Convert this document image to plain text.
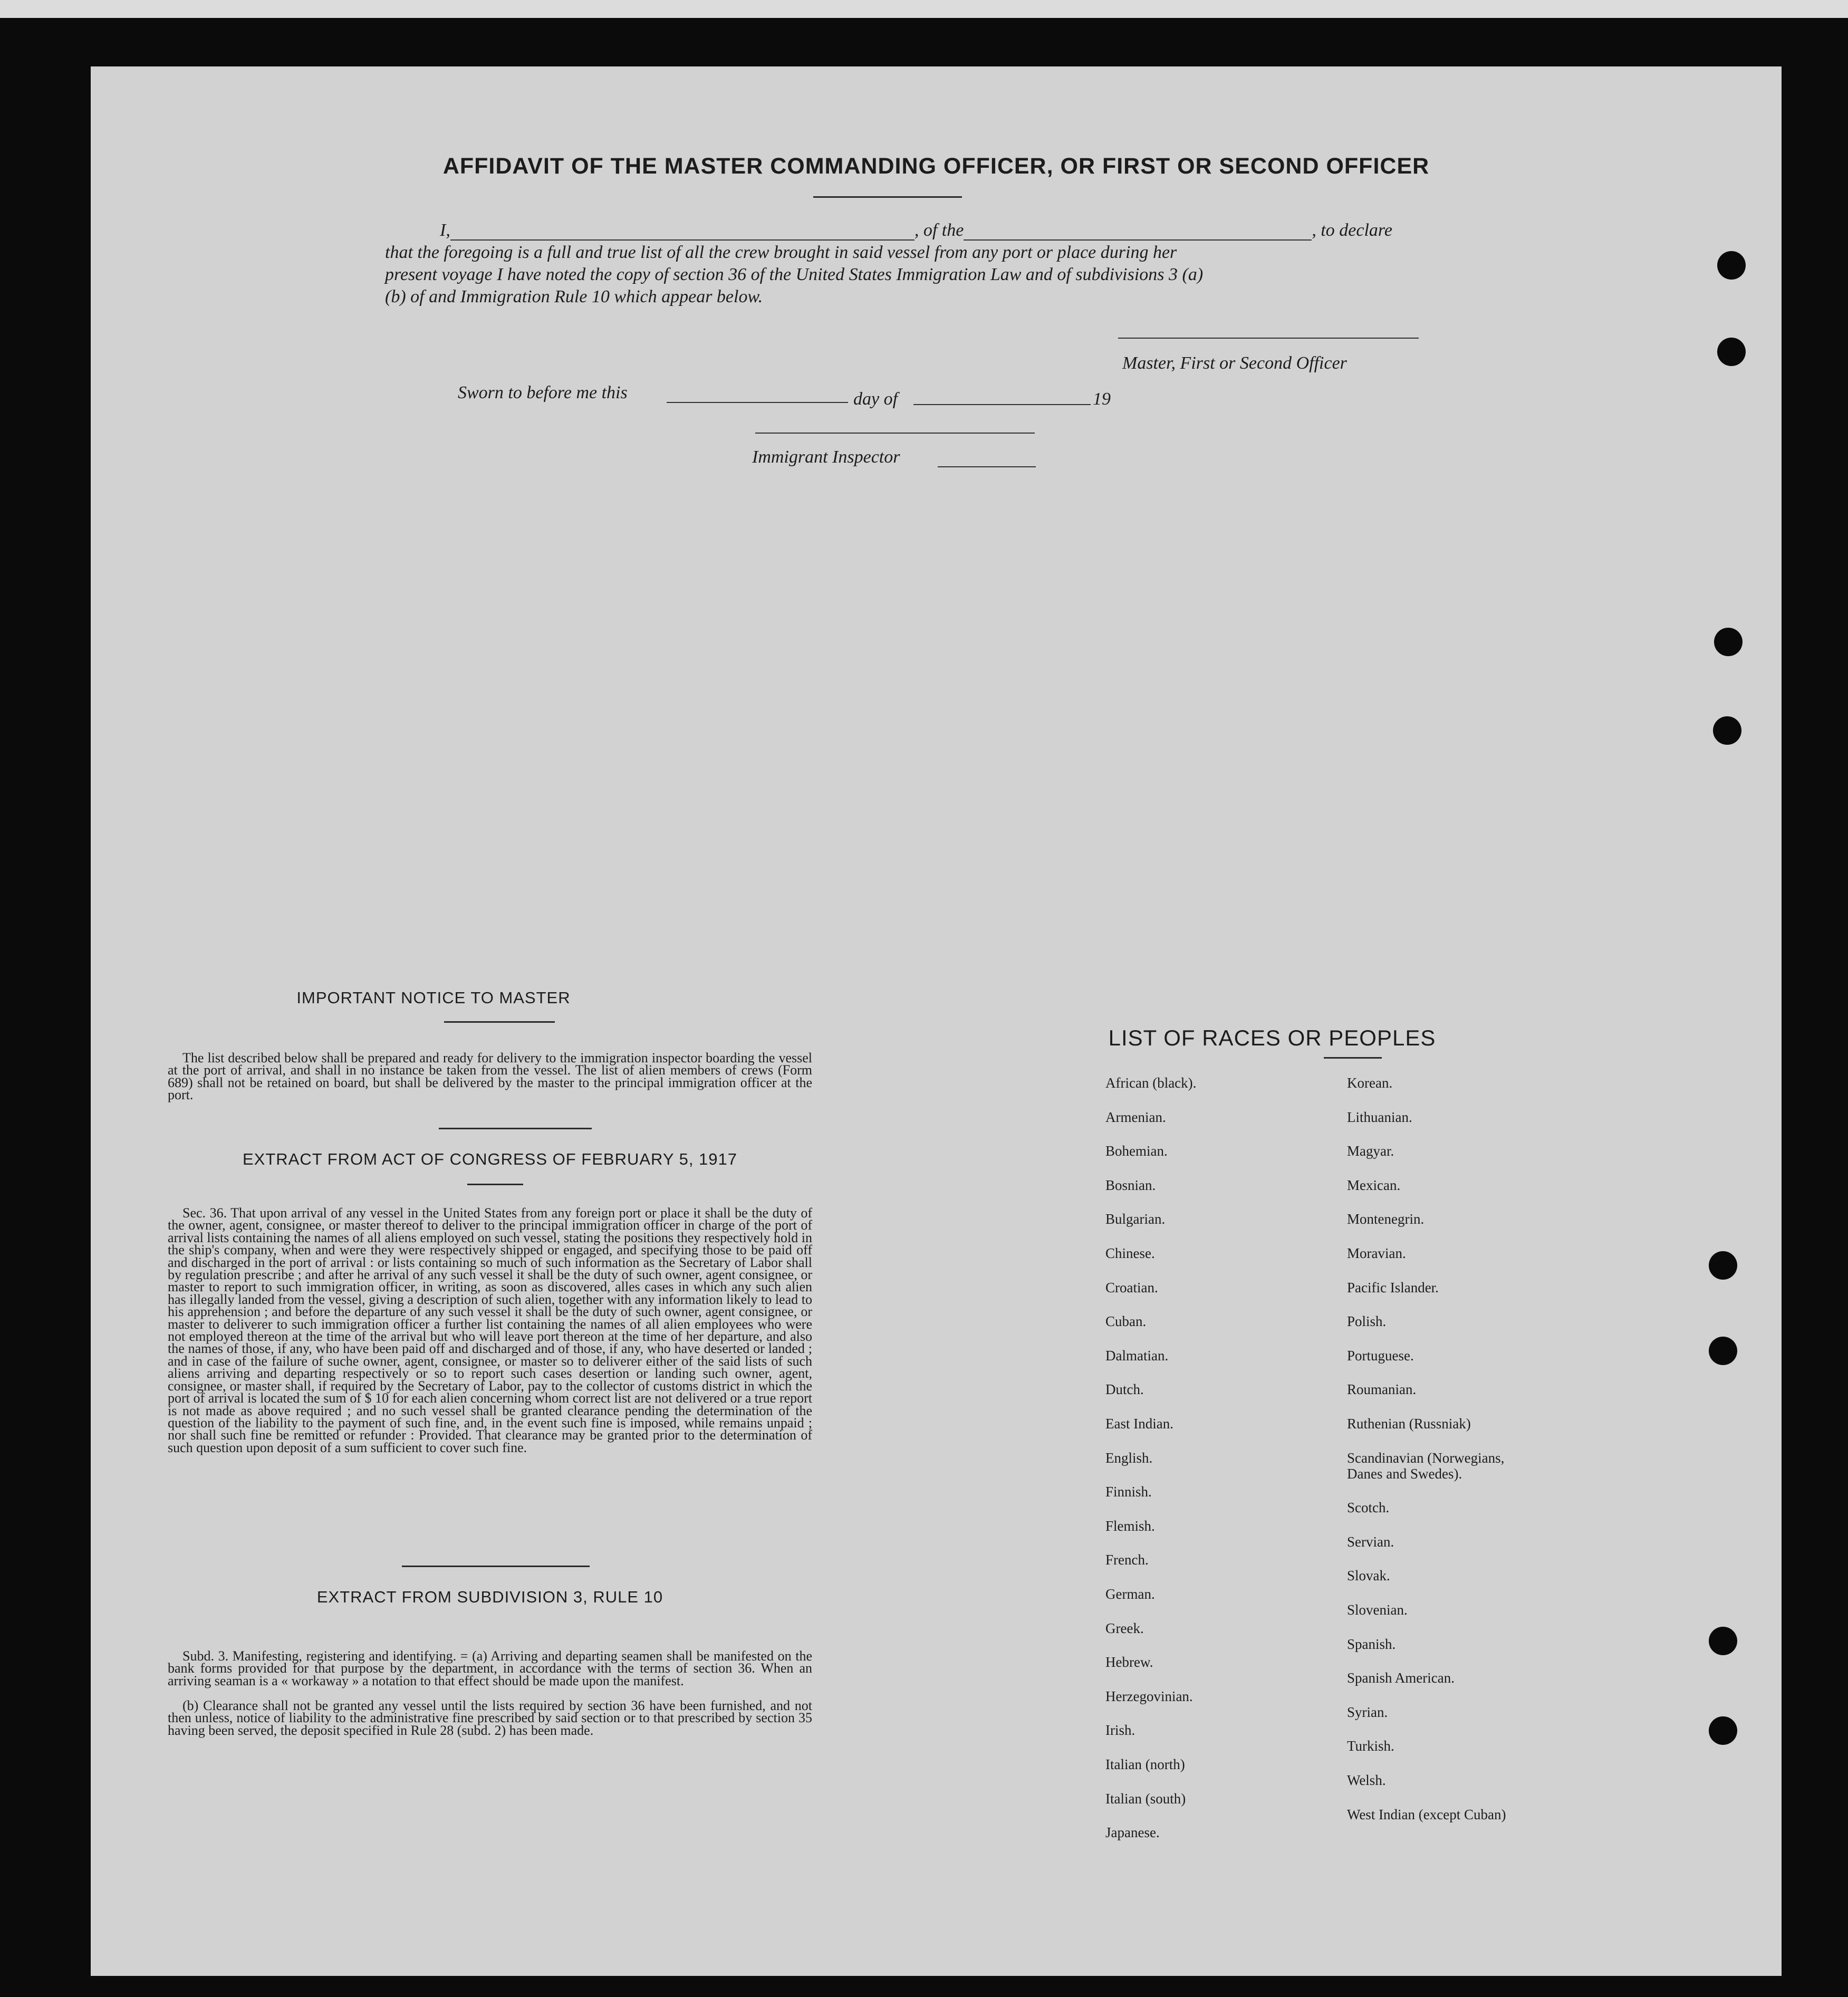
AFFIDAVIT OF THE MASTER COMMANDING OFFICER, OR FIRST OR SECOND OFFICER
I,	, of the	, to declare
that the foregoing is a full and true list of all the crew brought in said vessel from any port or place during her
present voyage I have noted the copy of section 36 of the United States Immigration Law and of subdivisions 3 (a)
(b) of and Immigration Rule 10 which appear below.
Master, First or Second Officer
Sworn to before me this	day of	19
Immigrant Inspector
IMPORTANT NOTICE TO MASTER

The list described below shall be prepared and ready for delivery to the immigration inspector boarding the vessel at the port of arrival, and shall in no instance be taken from the vessel. The list of alien members of crews (Form 689) shall not be retained on board, but shall be delivered by the master to the principal immigration officer at the port.

EXTRACT FROM ACT OF CONGRESS OF FEBRUARY 5, 1917

Sec. 36. That upon arrival of any vessel in the United States from any foreign port or place it shall be the duty of the owner, agent, consignee, or master thereof to deliver to the principal immigration officer in charge of the port of arrival lists containing the names of all aliens employed on such vessel, stating the positions they respectively hold in the ship's company, when and were they were respectively shipped or engaged, and specifying those to be paid off and discharged in the port of arrival : or lists containing so much of such information as the Secretary of Labor shall by regulation prescribe ; and after he arrival of any such vessel it shall be the duty of such owner, agent consignee, or master to report to such immigration officer, in writing, as soon as discovered, alles cases in which any such alien has illegally landed from the vessel, giving a description of such alien, together with any information likely to lead to his apprehension ; and before the departure of any such vessel it shall be the duty of such owner, agent consignee, or master to deliverer to such immigration officer a further list containing the names of all alien employees who were not employed thereon at the time of the arrival but who will leave port thereon at the time of her departure, and also the names of those, if any, who have been paid off and discharged and of those, if any, who have deserted or landed ; and in case of the failure of suche owner, agent, consignee, or master so to deliverer either of the said lists of such aliens arriving and departing respectively or so to report such cases desertion or landing such owner, agent, consignee, or master shall, if required by the Secretary of Labor, pay to the collector of customs district in which the port of arrival is located the sum of $ 10 for each alien concerning whom correct list are not delivered or a true report is not made as above required ; and no such vessel shall be granted clearance pending the determination of the question of the liability to the payment of such fine, and, in the event such fine is imposed, while remains unpaid ; nor shall such fine be remitted or refunder : Provided. That clearance may be granted prior to the determination of such question upon deposit of a sum sufficient to cover such fine.

EXTRACT FROM SUBDIVISION 3, RULE 10

Subd. 3. Manifesting, registering and identifying. = (a) Arriving and departing seamen shall be manifested on the bank forms provided for that purpose by the department, in accordance with the terms of section 36. When an arriving seaman is a « workaway » a notation to that effect should be made upon the manifest.

(b) Clearance shall not be granted any vessel until the lists required by section 36 have been furnished, and not then unless, notice of liability to the administrative fine prescribed by said section or to that prescribed by section 35 having been served, the deposit specified in Rule 28 (subd. 2) has been made.

LIST OF RACES OR PEOPLES
African (black).
Armenian.
Bohemian.
Bosnian.
Bulgarian.
Chinese.
Croatian.
Cuban.
Dalmatian.
Dutch.
East Indian.
English.
Finnish.
Flemish.
French.
German.
Greek.
Hebrew.
Herzegovinian.
Irish.
Italian (north)
Italian (south)
Japanese.
Korean.
Lithuanian.
Magyar.
Mexican.
Montenegrin.
Moravian.
Pacific Islander.
Polish.
Portuguese.
Roumanian.
Ruthenian (Russniak)
Scandinavian (Norwegians,
Danes and Swedes).
Scotch.
Servian.
Slovak.
Slovenian.
Spanish.
Spanish American.
Syrian.
Turkish.
Welsh.
West Indian (except Cuban)
